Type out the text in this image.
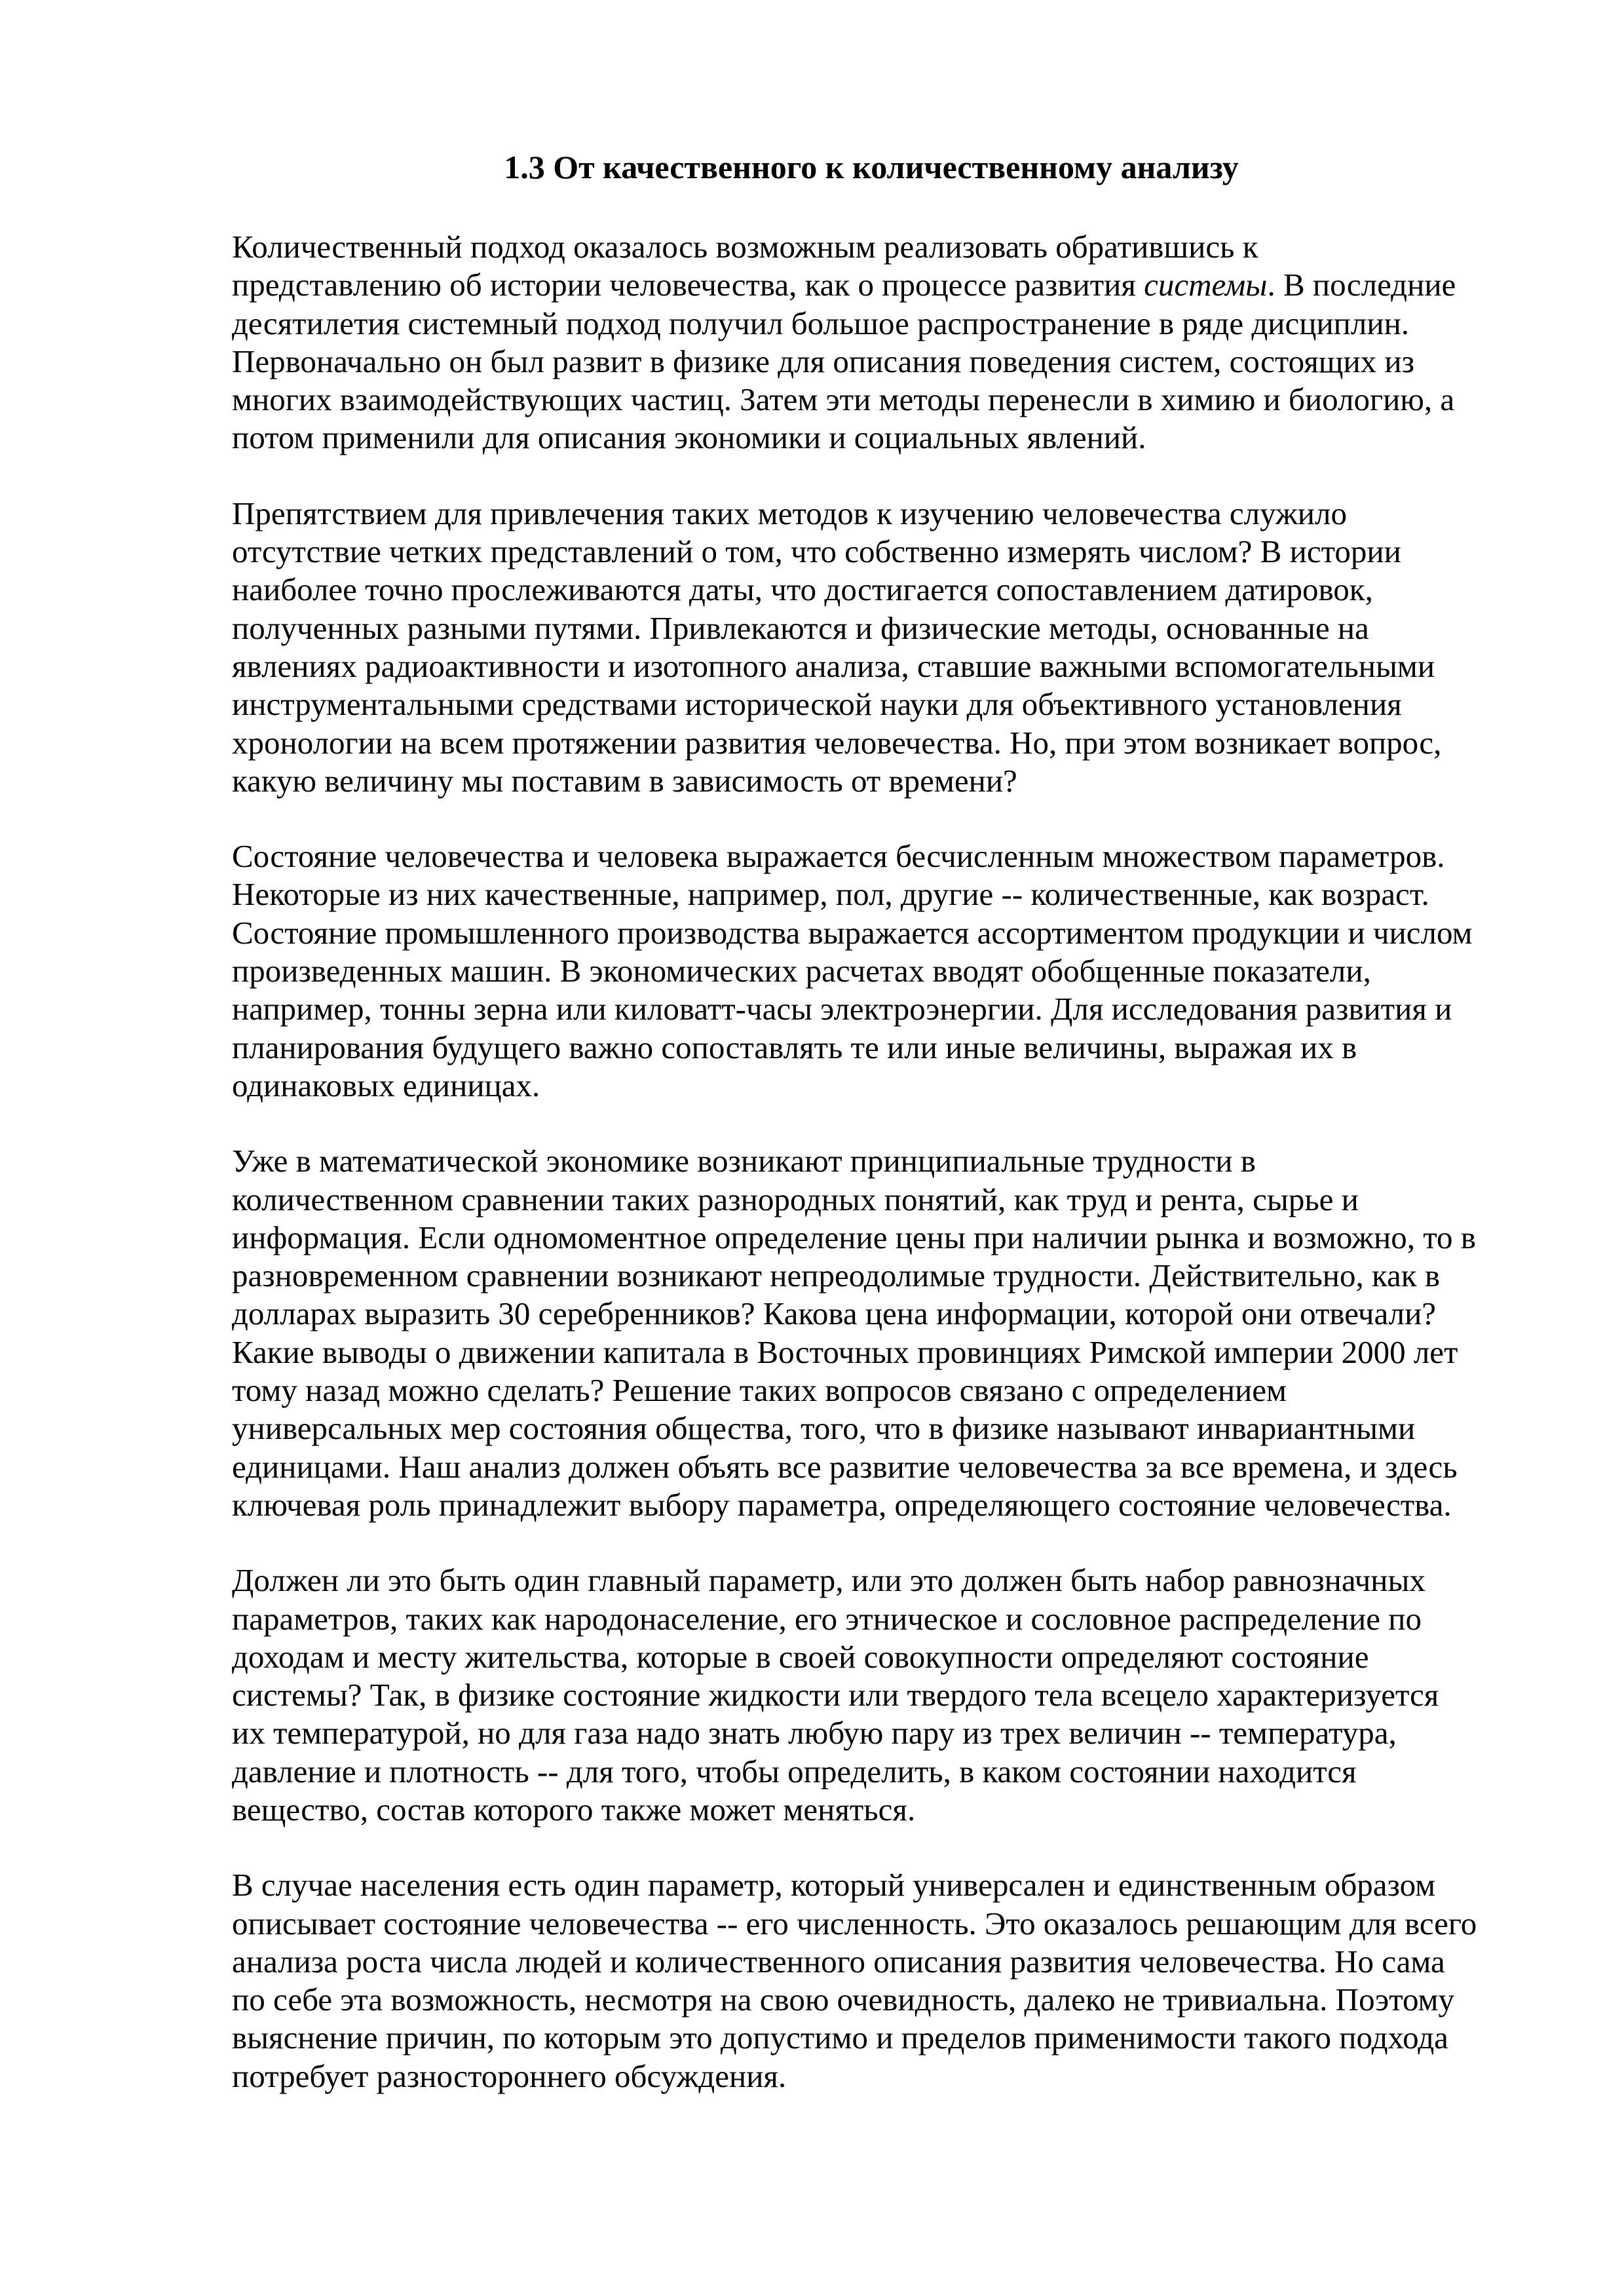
1.3 От качественного к количественному анализу

Количественный подход оказалось возможным реализовать обратившись к
представлению об истории человечества, как о процессе развития системы. В последние
десятилетия системный подход получил большое распространение в ряде дисциплин.
Первоначально он был развит в физике для описания поведения систем, состоящих из
многих взаимодействующих частиц. Затем эти методы перенесли в химию и биологию, а
потом применили для описания экономики и социальных явлений.

Препятствием для привлечения таких методов к изучению человечества служило
отсутствие четких представлений о том, что собственно измерять числом? В истории
наиболее точно прослеживаются даты, что достигается сопоставлением датировок,
полученных разными путями. Привлекаются и физические методы, основанные на
явлениях радиоактивности и изотопного анализа, ставшие важными вспомогательными
инструментальными средствами исторической науки для объективного установления
хронологии на всем протяжении развития человечества. Но, при этом возникает вопрос,
какую величину мы поставим в зависимость от времени?

Состояние человечества и человека выражается бесчисленным множеством параметров.
Некоторые из них качественные, например, пол, другие -- количественные, как возраст.
Состояние промышленного производства выражается ассортиментом продукции и числом
произведенных машин. В экономических расчетах вводят обобщенные показатели,
например, тонны зерна или киловатт-часы электроэнергии. Для исследования развития и
планирования будущего важно сопоставлять те или иные величины, выражая их в
одинаковых единицах.

Уже в математической экономике возникают принципиальные трудности в
количественном сравнении таких разнородных понятий, как труд и рента, сырье и
информация. Если одномоментное определение цены при наличии рынка и возможно, то в
разновременном сравнении возникают непреодолимые трудности. Действительно, как в
долларах выразить 30 серебренников? Какова цена информации, которой они отвечали?
Какие выводы о движении капитала в Восточных провинциях Римской империи 2000 лет
тому назад можно сделать? Решение таких вопросов связано с определением
универсальных мер состояния общества, того, что в физике называют инвариантными
единицами. Наш анализ должен объять все развитие человечества за все времена, и здесь
ключевая роль принадлежит выбору параметра, определяющего состояние человечества.

Должен ли это быть один главный параметр, или это должен быть набор равнозначных
параметров, таких как народонаселение, его этническое и сословное распределение по
доходам и месту жительства, которые в своей совокупности определяют состояние
системы? Так, в физике состояние жидкости или твердого тела всецело характеризуется
их температурой, но для газа надо знать любую пару из трех величин -- температура,
давление и плотность -- для того, чтобы определить, в каком состоянии находится
вещество, состав которого также может меняться.

В случае населения есть один параметр, который универсален и единственным образом
описывает состояние человечества -- его численность. Это оказалось решающим для всего
анализа роста числа людей и количественного описания развития человечества. Но сама
по себе эта возможность, несмотря на свою очевидность, далеко не тривиальна. Поэтому
выяснение причин, по которым это допустимо и пределов применимости такого подхода
потребует разностороннего обсуждения.
